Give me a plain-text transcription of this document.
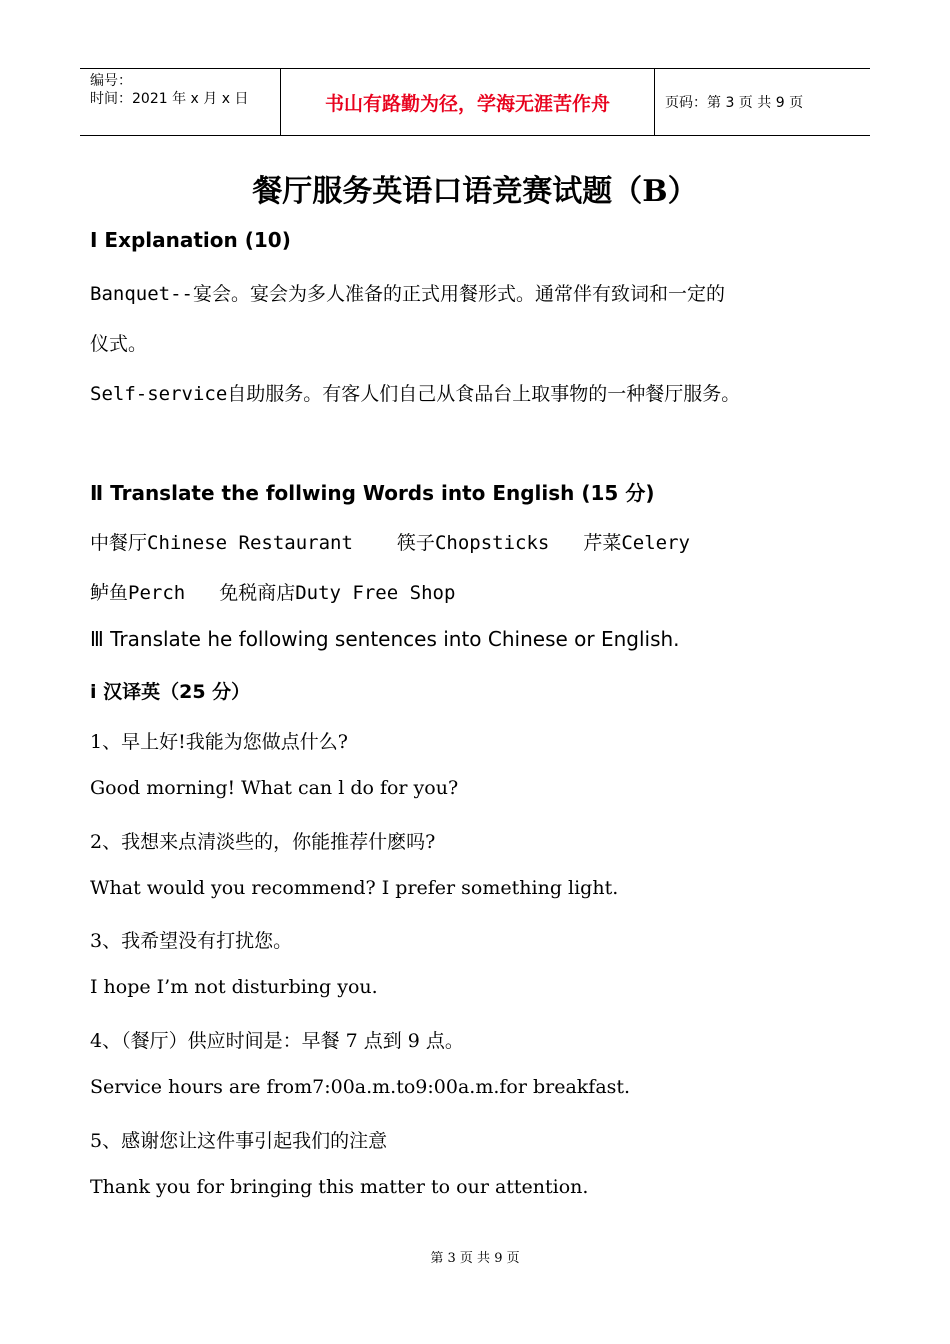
编号：
时间：2021 年 x 月 x 日	书山有路勤为径，学海无涯苦作舟	页码：第 3 页 共 9 页
餐厅服务英语口语竞赛试题（B）
Ⅰ Explanation (10)
Banquet--宴会。宴会为多人准备的正式用餐形式。通常伴有致词和一定的
仪式。
Self-service自助服务。有客人们自己从食品台上取事物的一种餐厅服务。
Ⅱ Translate the follwing Words into English (15 分)
中餐厅Chinese Restaurant 筷子Chopsticks 芹菜Celery
鲈鱼Perch 免税商店Duty Free Shop
Ⅲ Translate he following sentences into Chinese or English.
i 汉译英（25 分）
1、早上好!我能为您做点什么?
Good morning! What can l do for you?
2、我想来点清淡些的，你能推荐什麽吗?
What would you recommend? I prefer something light.
3、我希望没有打扰您。
I hope I’m not disturbing you.
4、（餐厅）供应时间是：早餐 7 点到 9 点。
Service hours are from7:00a.m.to9:00a.m.for breakfast.
5、感谢您让这件事引起我们的注意
Thank you for bringing this matter to our attention.
第 3 页 共 9 页
